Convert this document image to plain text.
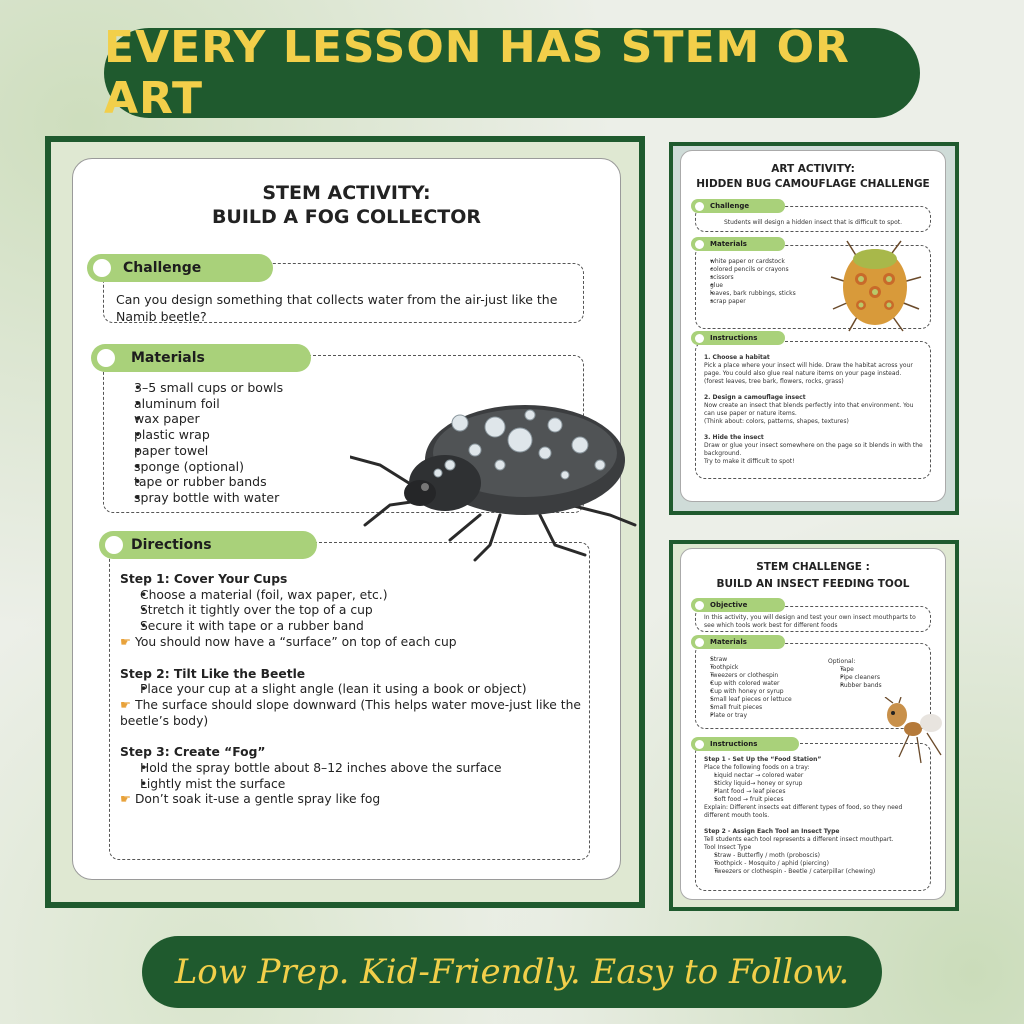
EVERY LESSON HAS STEM OR ART
STEM ACTIVITY:
BUILD A FOG COLLECTOR
Can you design something that collects water from the air-just like the Namib beetle?
Challenge
• 3–5 small cups or bowls
• aluminum foil
• wax paper
• plastic wrap
• paper towel
• sponge (optional)
• tape or rubber bands
• spray bottle with water
Materials
Step 1: Cover Your Cups
• Choose a material (foil, wax paper, etc.)
• Stretch it tightly over the top of a cup
• Secure it with tape or a rubber band
☛ You should now have a “surface” on top of each cup
Step 2: Tilt Like the Beetle
• Place your cup at a slight angle (lean it using a book or object)
☛ The surface should slope downward (This helps water move-just like the beetle’s body)
Step 3: Create “Fog”
• Hold the spray bottle about 8–12 inches above the surface
• Lightly mist the surface
☛ Don’t soak it-use a gentle spray like fog
Directions
ART ACTIVITY:
HIDDEN BUG CAMOUFLAGE CHALLENGE
Students will design a hidden insect that is difficult to spot.
Challenge
• white paper or cardstock
• colored pencils or crayons
• scissors
• glue
• leaves, bark rubbings, sticks
• scrap paper
Materials
1. Choose a habitat
Pick a place where your insect will hide. Draw the habitat across your page. You could also glue real nature items on your page instead.
(forest leaves, tree bark, flowers, rocks, grass)
2. Design a camouflage insect
Now create an insect that blends perfectly into that environment. You can use paper or nature items.
(Think about: colors, patterns, shapes, textures)
3. Hide the insect
Draw or glue your insect somewhere on the page so it blends in with the background.
Try to make it difficult to spot!
Instructions
STEM CHALLENGE :
BUILD AN INSECT FEEDING TOOL
In this activity, you will design and test your own insect mouthparts to see which tools work best for different foods
Objective
• Straw
• Toothpick
• Tweezers or clothespin
• Cup with colored water
• Cup with honey or syrup
• Small leaf pieces or lettuce
• Small fruit pieces
• Plate or tray
Optional:
• Tape
• Pipe cleaners
• Rubber bands
Materials
Step 1 - Set Up the “Food Station”
Place the following foods on a tray:
• Liquid nectar → colored water
• Sticky liquid→ honey or syrup
• Plant food → leaf pieces
• Soft food → fruit pieces
Explain: Different insects eat different types of food, so they need different mouth tools.
Step 2 - Assign Each Tool an Insect Type
Tell students each tool represents a different insect mouthpart.
Tool Insect Type
• Straw - Butterfly / moth (proboscis)
• Toothpick - Mosquito / aphid (piercing)
• Tweezers or clothespin - Beetle / caterpillar (chewing)
Instructions
Low Prep. Kid-Friendly. Easy to Follow.
